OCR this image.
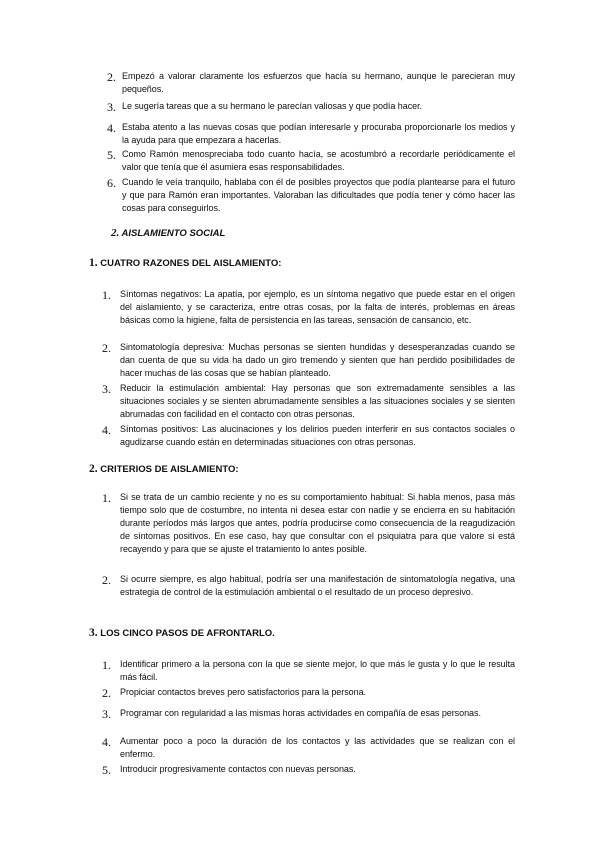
2. Empezó a valorar claramente los esfuerzos que hacía su hermano, aunque le parecieran muy pequeños.
3. Le sugería tareas que a su hermano le parecían valiosas y que podía hacer.
4. Estaba atento a las nuevas cosas que podían interesarle y procuraba proporcionarle los medios y la ayuda para que empezara a hacerlas.
5. Como Ramón menospreciaba todo cuanto hacía, se acostumbró a recordarle periódicamente el valor que tenía que él asumiera esas responsabilidades.
6. Cuando le veía tranquilo, hablaba con él de posibles proyectos que podía plantearse para el futuro y que para Ramón eran importantes. Valoraban las dificultades que podía tener y cómo hacer las cosas para conseguirlos.
2. AISLAMIENTO SOCIAL
1. CUATRO RAZONES DEL AISLAMIENTO:
1. Síntomas negativos: La apatía, por ejemplo, es un síntoma negativo que puede estar en el origen del aislamiento, y se caracteriza, entre otras cosas, por la falta de interés, problemas en áreas básicas como la higiene, falta de persistencia en las tareas, sensación de cansancio, etc.
2. Sintomatología depresiva: Muchas personas se sienten hundidas y desesperanzadas cuando se dan cuenta de que su vida ha dado un giro tremendo y sienten que han perdido posibilidades de hacer muchas de las cosas que se habían planteado.
3. Reducir la estimulación ambiental: Hay personas que son extremadamente sensibles a las situaciones sociales y se sienten abrumadamente sensibles a las situaciones sociales y se sienten abrumadas con facilidad en el contacto con otras personas.
4. Síntomas positivos: Las alucinaciones y los delirios pueden interferir en sus contactos sociales o agudizarse cuando están en determinadas situaciones con otras personas.
2. CRITERIOS DE AISLAMIENTO:
1. Si se trata de un cambio reciente y no es su comportamiento habitual: Si habla menos, pasa más tiempo solo que de costumbre, no intenta ni desea estar con nadie y se encierra en su habitación durante períodos más largos que antes, podría producirse como consecuencia de la reagudización de síntomas positivos. En ese caso, hay que consultar con el psiquiatra para que valore si está recayendo y para que se ajuste el tratamiento lo antes posible.
2. Si ocurre siempre, es algo habitual, podría ser una manifestación de sintomatología negativa, una estrategia de control de la estimulación ambiental o el resultado de un proceso depresivo.
3. LOS CINCO PASOS DE AFRONTARLO.
1. Identificar primero a la persona con la que se siente mejor, lo que más le gusta y lo que le resulta más fácil.
2. Propiciar contactos breves pero satisfactorios para la persona.
3. Programar con regularidad a las mismas horas actividades en compañía de esas personas.
4. Aumentar poco a poco la duración de los contactos y las actividades que se realizan con el enfermo.
5. Introducir progresivamente contactos con nuevas personas.
